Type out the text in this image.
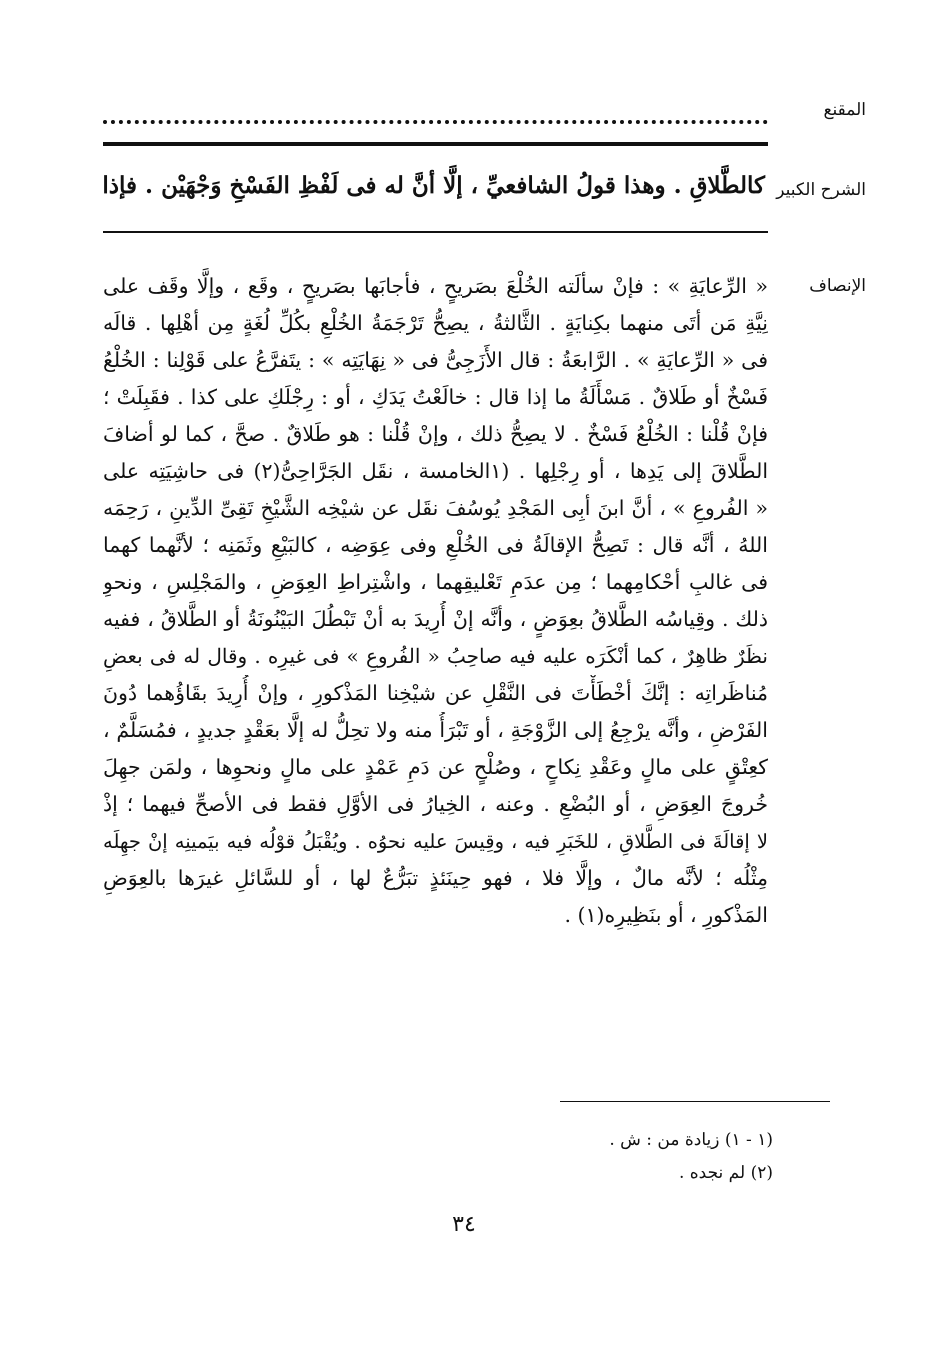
المقنع
الشرح الكبير
كالطَّلاقِ . وهذا قولُ الشافعيِّ ، إلَّا أنَّ له فى لَفْظِ الفَسْخِ وَجْهَيْن . فإذا
الإنصاف
« الرِّعايَةِ » : فإنْ سألَته الخُلْعَ بصَريحٍ ، فأجابَها بصَريحٍ ، وقَع ، وإلَّا وقَف على
نِيَّةِ مَن أتَى منهما بكِنايَةٍ . الثَّالثةُ ، يصِحُّ تَرْجَمَةُ الخُلْعِ بكُلِّ لُغَةٍ مِن أهْلِها . قالَه
فى « الرِّعايَةِ » . الرَّابعَةُ : قال الأَزَجِىُّ فى « نِهَايَتِه » : يتَفرَّعُ على قَوْلِنا : الخُلْعُ
فَسْخٌ أو طَلاقٌ . مَسْأَلَةُ ما إذا قال : خالَعْتُ يَدَكِ ، أو : رِجْلَكِ على كذا . فقَبِلَتْ ؛
فإنْ قُلْنا : الخُلْعُ فَسْخٌ . لا يصِحُّ ذلك ، وإنْ قُلْنا : هو طَلاقٌ . صحَّ ، كما لو أضافَ
الطَّلاقَ إلى يَدِها ، أو رِجْلِها . (١الخامسة ، نقَل الجَرَّاحِىُّ(٢) فى حاشِيَتِه على
« الفُروعِ » ، أنَّ ابنَ أبِى المَجْدِ يُوسُفَ نقَل عن شيْخِه الشَّيْخِ تَقِىِّ الدِّينِ ، رَحِمَه
اللهُ ، أنَّه قال : تَصِحُّ الإقالَةُ فى الخُلْعِ وفى عِوَضِه ، كالبَيْعِ وثَمَنِه ؛ لأنَّهما كهما
فى غالبِ أحْكامِهما ؛ مِن عدَمِ تَعْليقِهما ، واشْتِراطِ العِوَضِ ، والمَجْلِسِ ، ونحوِ
ذلك . وقِياسُه الطَّلاقُ بعِوَضٍ ، وأنَّه إنْ أُرِيدَ به أنْ تَبْطُلَ البَيْنُونَةُ أو الطَّلاقُ ، ففيه
نظَرٌ ظاهِرٌ ، كما أنْكَرَه عليه فيه صاحِبُ « الفُروعِ » فى غيرِه . وقال له فى بعضِ
مُناظَراتِه : إنَّكَ أخْطَأْتَ فى النَّقْلِ عن شيْخِنا المَذْكورِ ، وإنْ أُرِيدَ بقَاؤُهما دُونَ
الفَرْضِ ، وأنَّه يرْجِعُ إلى الزَّوْجَةِ ، أو تَبْرَأُ منه ولا تحِلُّ له إلَّا بعَقْدٍ جديدٍ ، فمُسَلَّمٌ ،
كعِتْقٍ على مالٍ وعَقْدِ نِكاحٍ ، وصُلْحٍ عن دَمِ عَمْدٍ على مالٍ ونحوِها ، ولمَن جهِلَ
خُروجَ العِوَضِ ، أو البُضْعِ . وعنه ، الخِيارُ فى الأوَّلِ فقط فى الأصحِّ فيهما ؛ إذْ
لا إقالَةَ فى الطَّلاقِ ، للخَبَرِ فيه ، وقِيسَ عليه نحوُه . ويُقْبَلُ قوْلُه فيه بيَمينِه إنْ جهِلَه
مِثْلُه ؛ لأنَّه مالٌ ، وإلَّا فلا ، فهو حِينَئذٍ تبَرُّعٌ لها ، أو للسَّائلِ غيرَها بالعِوَضِ
المَذْكورِ ، أو بنَظِيرِه(١) .
(١ - ١) زيادة من : ش .
(٢) لم نجده .
٣٤
